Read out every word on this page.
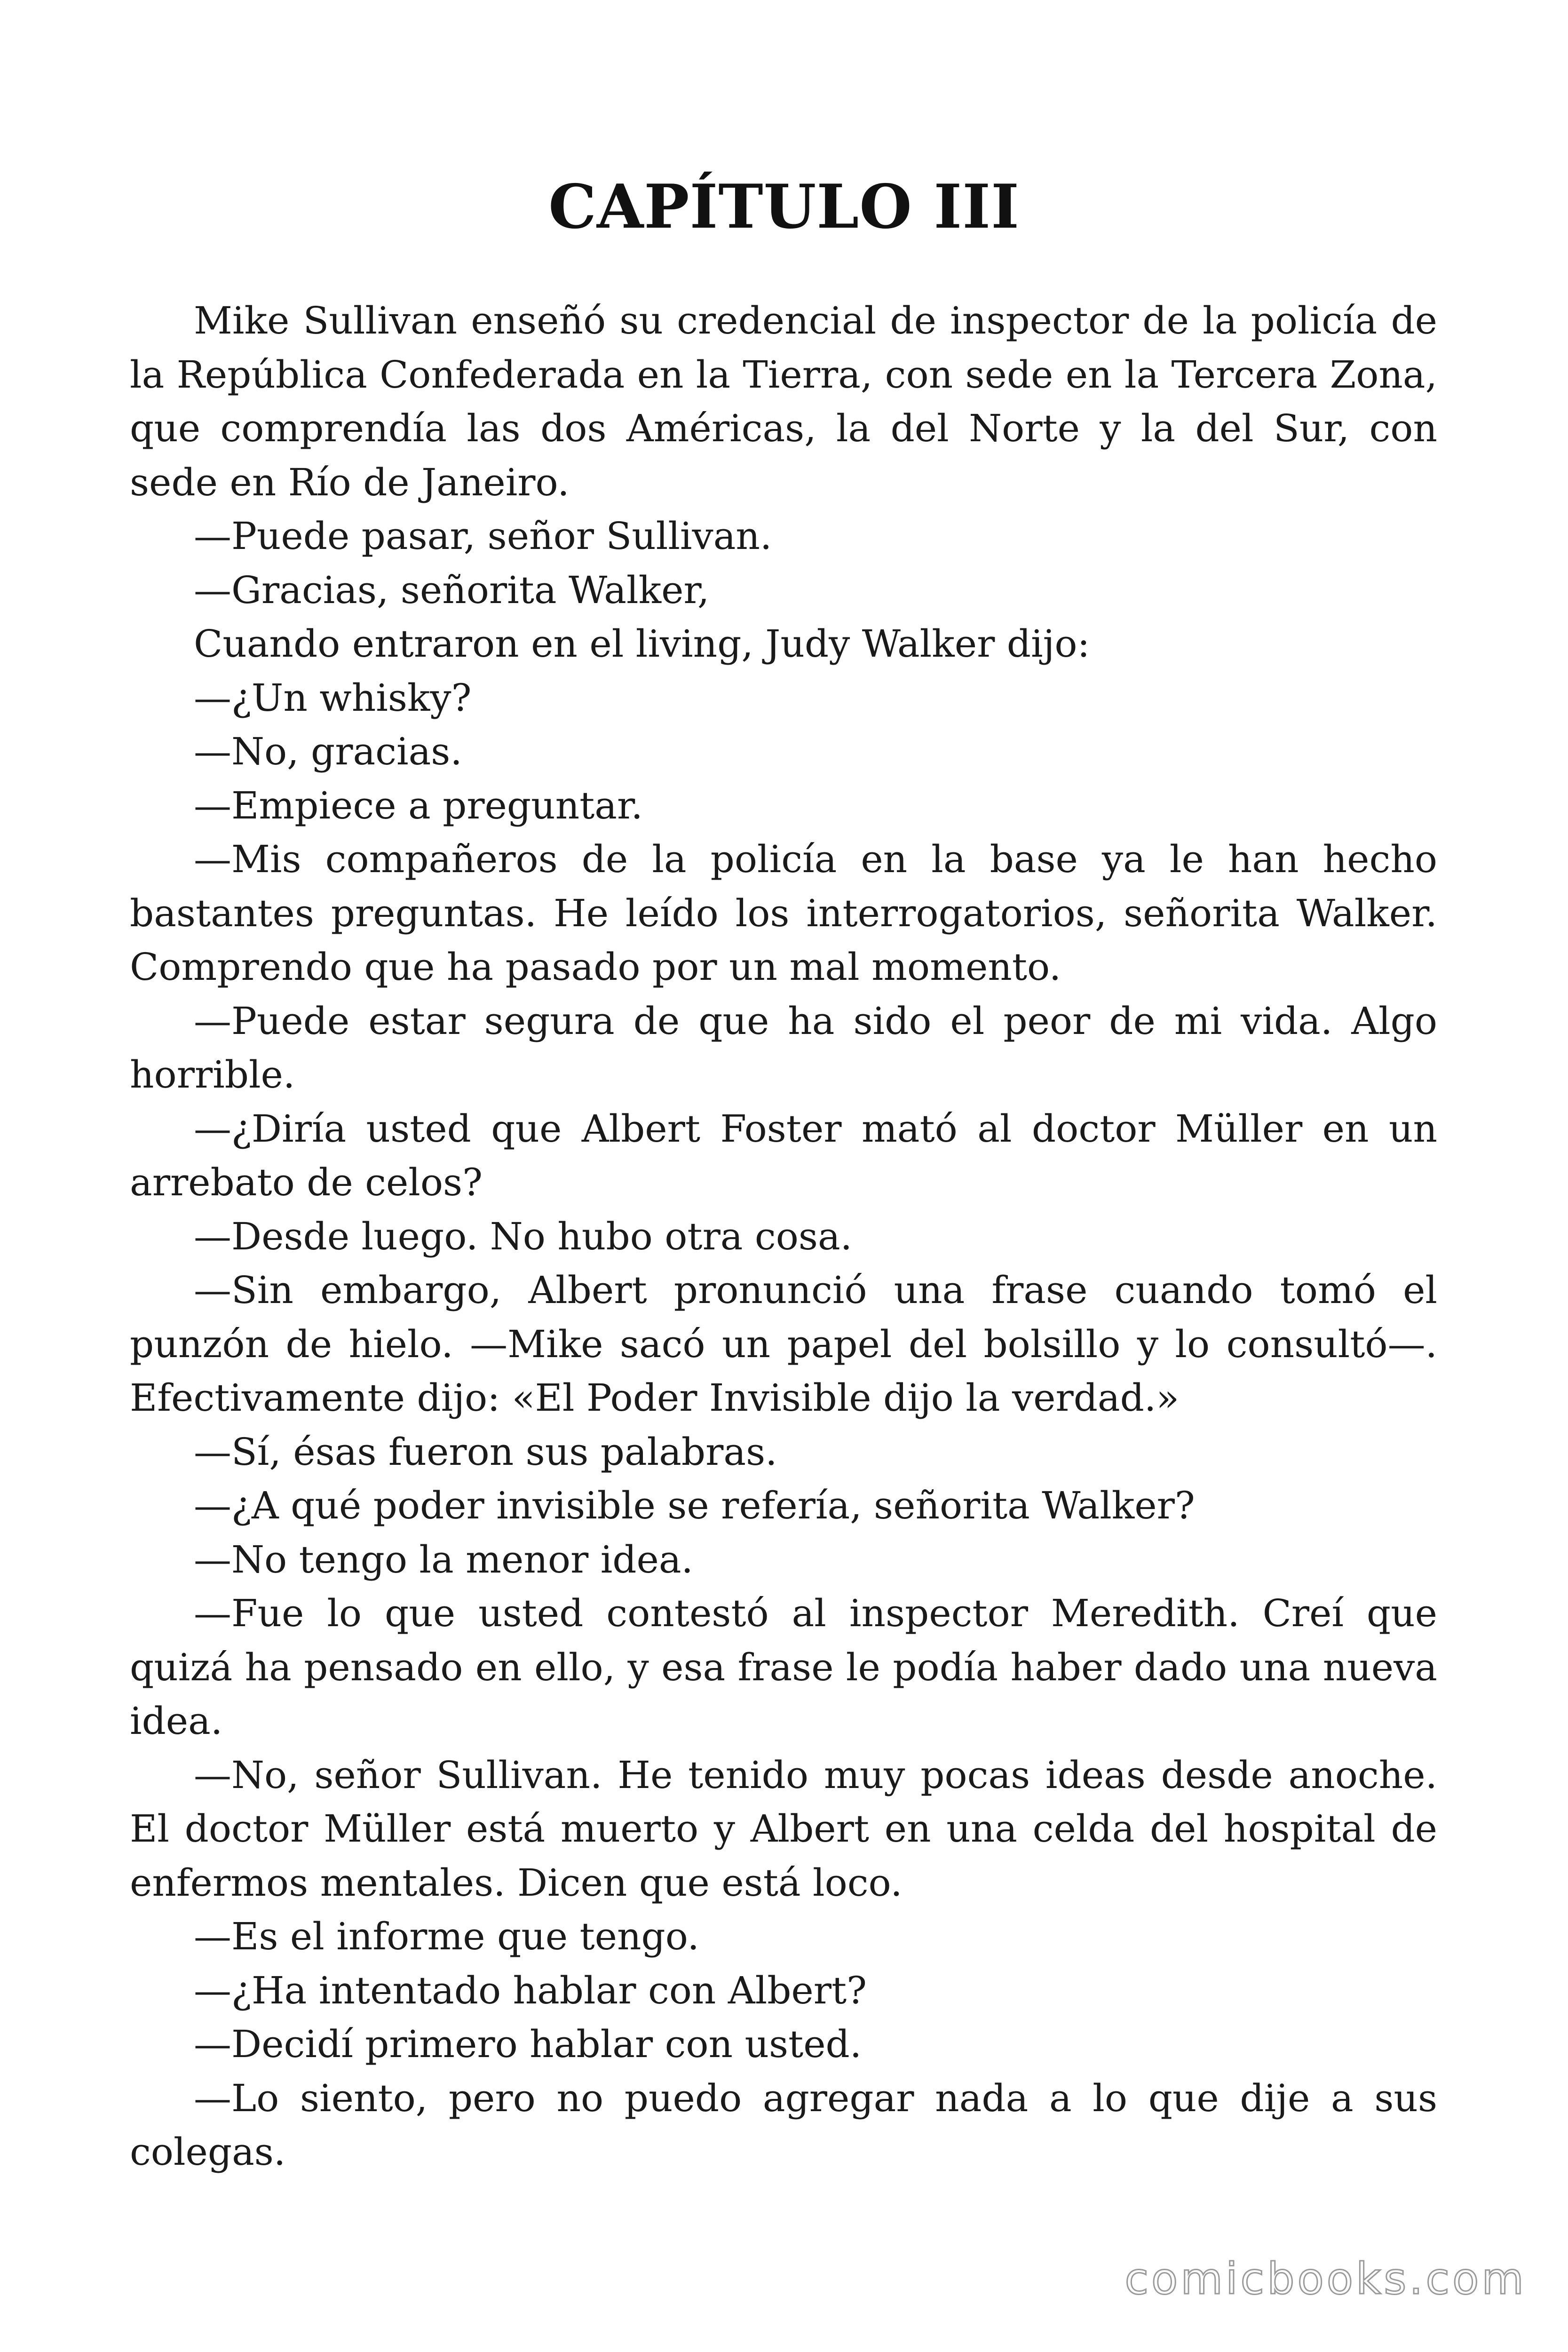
CAPÍTULO III

Mike Sullivan enseñó su credencial de inspector de la policía de la República Confederada en la Tierra, con sede en la Tercera Zona, que comprendía las dos Américas, la del Norte y la del Sur, con sede en Río de Janeiro.

—Puede pasar, señor Sullivan.

—Gracias, señorita Walker,

Cuando entraron en el living, Judy Walker dijo:

—¿Un whisky?

—No, gracias.

—Empiece a preguntar.

—Mis compañeros de la policía en la base ya le han hecho bastantes preguntas. He leído los interrogatorios, señorita Walker. Comprendo que ha pasado por un mal momento.

—Puede estar segura de que ha sido el peor de mi vida. Algo horrible.

—¿Diría usted que Albert Foster mató al doctor Müller en un arrebato de celos?

—Desde luego. No hubo otra cosa.

—Sin embargo, Albert pronunció una frase cuando tomó el punzón de hielo. —Mike sacó un papel del bolsillo y lo consultó—. Efectivamente dijo: «El Poder Invisible dijo la verdad.»

—Sí, ésas fueron sus palabras.

—¿A qué poder invisible se refería, señorita Walker?

—No tengo la menor idea.

—Fue lo que usted contestó al inspector Meredith. Creí que quizá ha pensado en ello, y esa frase le podía haber dado una nueva idea.

—No, señor Sullivan. He tenido muy pocas ideas desde anoche. El doctor Müller está muerto y Albert en una celda del hospital de enfermos mentales. Dicen que está loco.

—Es el informe que tengo.

—¿Ha intentado hablar con Albert?

—Decidí primero hablar con usted.

—Lo siento, pero no puedo agregar nada a lo que dije a sus colegas.

comicbooks.com
